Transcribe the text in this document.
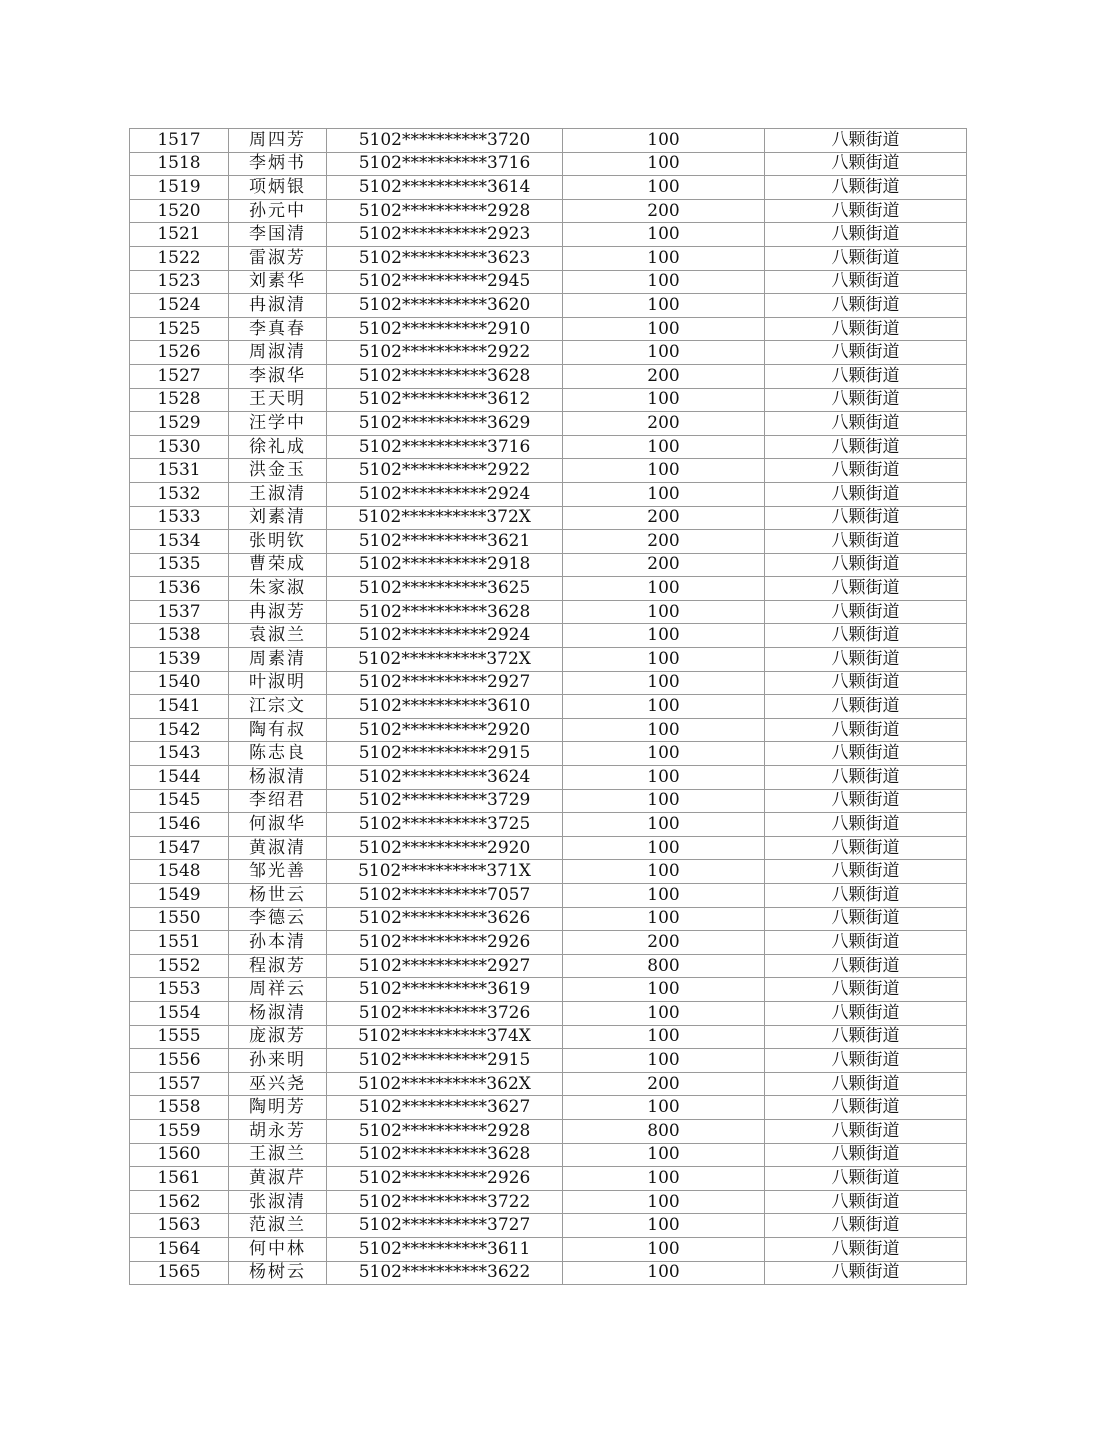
1517	周四芳	5102**********3720	100	八颗街道
1518	李炳书	5102**********3716	100	八颗街道
1519	项炳银	5102**********3614	100	八颗街道
1520	孙元中	5102**********2928	200	八颗街道
1521	李国清	5102**********2923	100	八颗街道
1522	雷淑芳	5102**********3623	100	八颗街道
1523	刘素华	5102**********2945	100	八颗街道
1524	冉淑清	5102**********3620	100	八颗街道
1525	李真春	5102**********2910	100	八颗街道
1526	周淑清	5102**********2922	100	八颗街道
1527	李淑华	5102**********3628	200	八颗街道
1528	王天明	5102**********3612	100	八颗街道
1529	汪学中	5102**********3629	200	八颗街道
1530	徐礼成	5102**********3716	100	八颗街道
1531	洪金玉	5102**********2922	100	八颗街道
1532	王淑清	5102**********2924	100	八颗街道
1533	刘素清	5102**********372X	200	八颗街道
1534	张明钦	5102**********3621	200	八颗街道
1535	曹荣成	5102**********2918	200	八颗街道
1536	朱家淑	5102**********3625	100	八颗街道
1537	冉淑芳	5102**********3628	100	八颗街道
1538	袁淑兰	5102**********2924	100	八颗街道
1539	周素清	5102**********372X	100	八颗街道
1540	叶淑明	5102**********2927	100	八颗街道
1541	江宗文	5102**********3610	100	八颗街道
1542	陶有叔	5102**********2920	100	八颗街道
1543	陈志良	5102**********2915	100	八颗街道
1544	杨淑清	5102**********3624	100	八颗街道
1545	李绍君	5102**********3729	100	八颗街道
1546	何淑华	5102**********3725	100	八颗街道
1547	黄淑清	5102**********2920	100	八颗街道
1548	邹光善	5102**********371X	100	八颗街道
1549	杨世云	5102**********7057	100	八颗街道
1550	李德云	5102**********3626	100	八颗街道
1551	孙本清	5102**********2926	200	八颗街道
1552	程淑芳	5102**********2927	800	八颗街道
1553	周祥云	5102**********3619	100	八颗街道
1554	杨淑清	5102**********3726	100	八颗街道
1555	庞淑芳	5102**********374X	100	八颗街道
1556	孙来明	5102**********2915	100	八颗街道
1557	巫兴尧	5102**********362X	200	八颗街道
1558	陶明芳	5102**********3627	100	八颗街道
1559	胡永芳	5102**********2928	800	八颗街道
1560	王淑兰	5102**********3628	100	八颗街道
1561	黄淑芹	5102**********2926	100	八颗街道
1562	张淑清	5102**********3722	100	八颗街道
1563	范淑兰	5102**********3727	100	八颗街道
1564	何中林	5102**********3611	100	八颗街道
1565	杨树云	5102**********3622	100	八颗街道
